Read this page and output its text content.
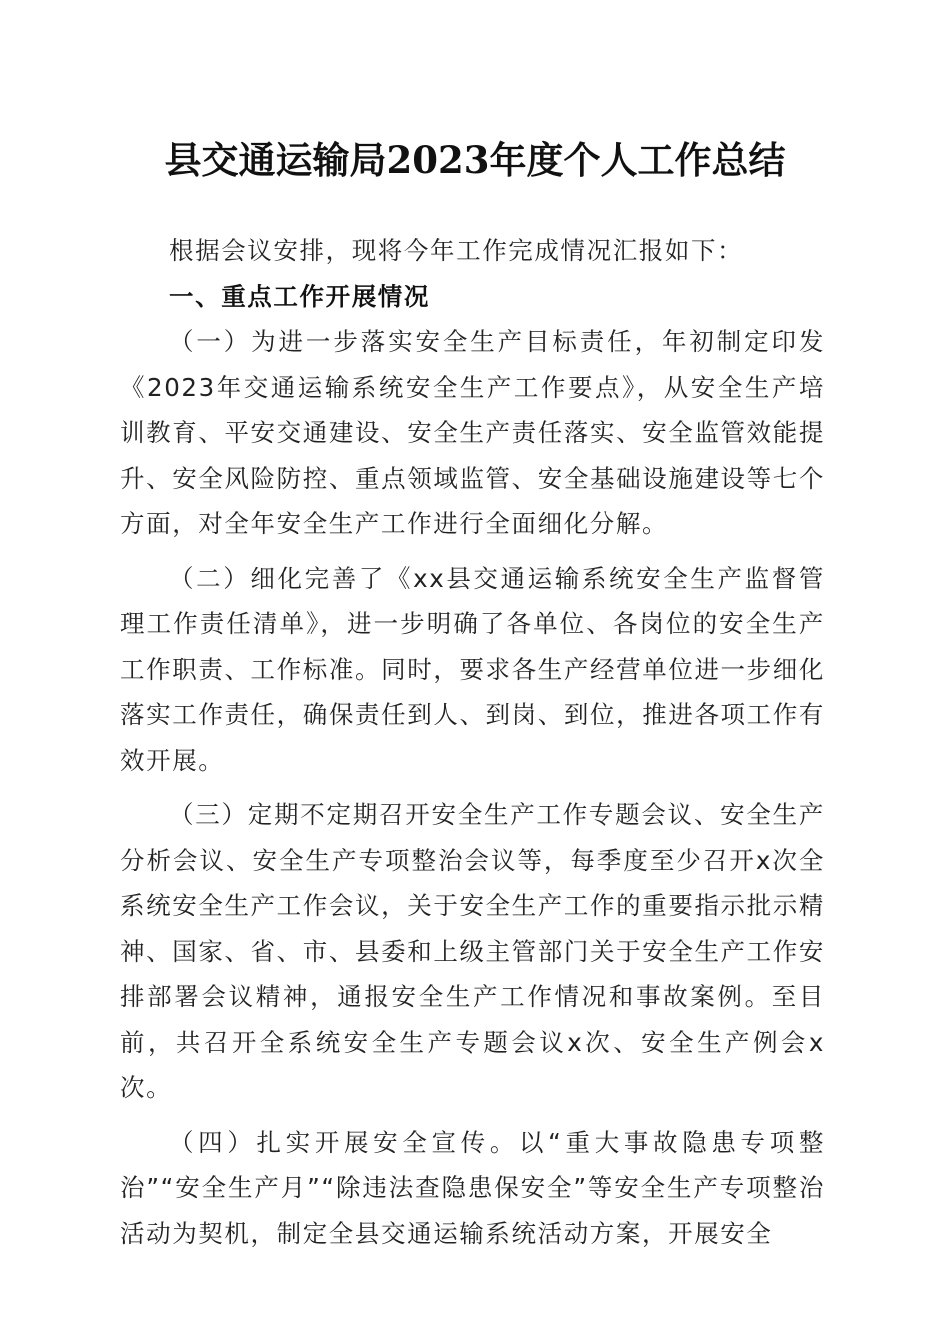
县交通运输局2023年度个人工作总结

根据会议安排，现将今年工作完成情况汇报如下：

一、重点工作开展情况

（一）为进一步落实安全生产目标责任，年初制定印发《2023年交通运输系统安全生产工作要点》，从安全生产培训教育、平安交通建设、安全生产责任落实、安全监管效能提升、安全风险防控、重点领域监管、安全基础设施建设等七个方面，对全年安全生产工作进行全面细化分解。

（二）细化完善了《xx县交通运输系统安全生产监督管理工作责任清单》，进一步明确了各单位、各岗位的安全生产工作职责、工作标准。同时，要求各生产经营单位进一步细化落实工作责任，确保责任到人、到岗、到位，推进各项工作有效开展。

（三）定期不定期召开安全生产工作专题会议、安全生产分析会议、安全生产专项整治会议等，每季度至少召开x次全系统安全生产工作会议，关于安全生产工作的重要指示批示精神、国家、省、市、县委和上级主管部门关于安全生产工作安排部署会议精神，通报安全生产工作情况和事故案例。至目前，共召开全系统安全生产专题会议x次、安全生产例会x次。

（四）扎实开展安全宣传。以“重大事故隐患专项整治”“安全生产月”“除违法查隐患保安全”等安全生产专项整治活动为契机，制定全县交通运输系统活动方案，开展安全
